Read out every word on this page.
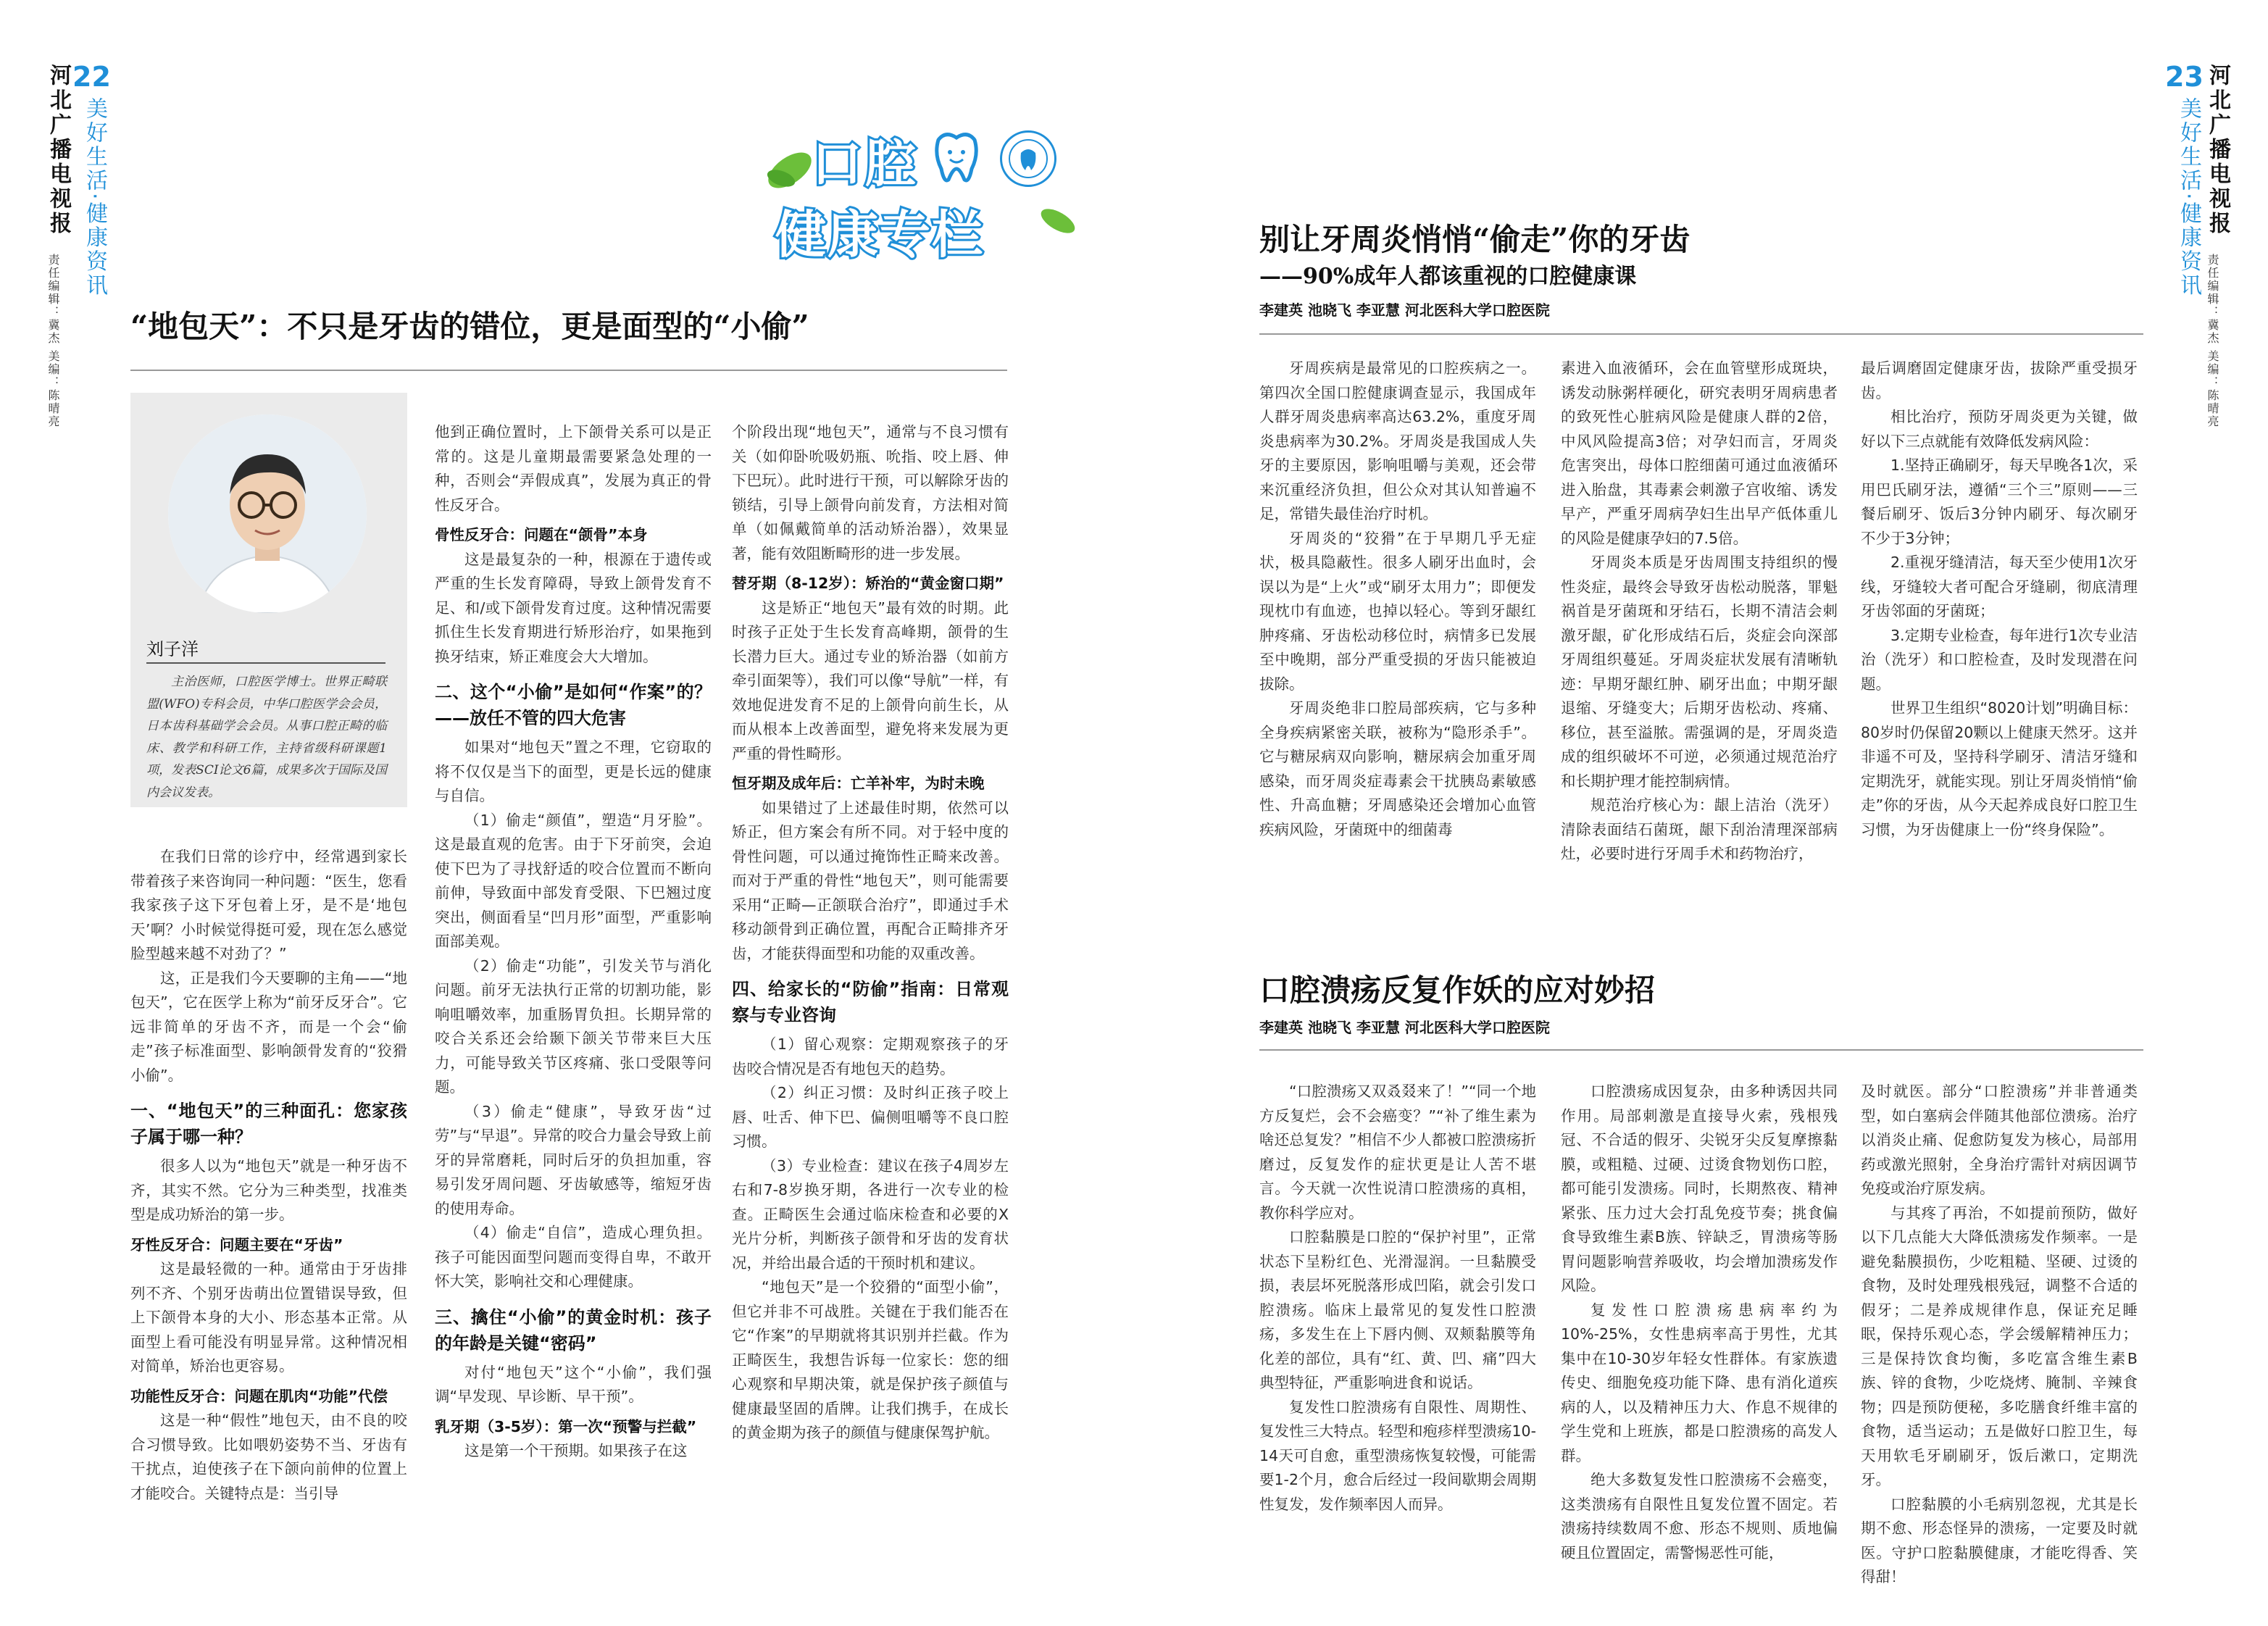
河北广播电视报 22
美好生活·健康资讯
责任编辑：冀杰 美编：陈晴亮
23 河北广播电视报
美好生活·健康资讯
责任编辑：冀杰 美编：陈晴亮
口腔
健康专栏
“地包天”：不只是牙齿的错位，更是面型的“小偷”
刘子洋
主治医师，口腔医学博士。世界正畸联盟(WFO)专科会员，中华口腔医学会会员，日本齿科基础学会会员。从事口腔正畸的临床、教学和科研工作，主持省级科研课题1项，发表SCI论文6篇，成果多次于国际及国内会议发表。

在我们日常的诊疗中，经常遇到家长带着孩子来咨询同一种问题：“医生，您看我家孩子这下牙包着上牙，是不是‘地包天’啊？小时候觉得挺可爱，现在怎么感觉脸型越来越不对劲了？”

这，正是我们今天要聊的主角——“地包天”，它在医学上称为“前牙反牙合”。它远非简单的牙齿不齐，而是一个会“偷走”孩子标准面型、影响颌骨发育的“狡猾小偷”。

一、“地包天”的三种面孔：您家孩子属于哪一种？

很多人以为“地包天”就是一种牙齿不齐，其实不然。它分为三种类型，找准类型是成功矫治的第一步。

牙性反牙合：问题主要在“牙齿”

这是最轻微的一种。通常由于牙齿排列不齐、个别牙齿萌出位置错误导致，但上下颌骨本身的大小、形态基本正常。从面型上看可能没有明显异常。这种情况相对简单，矫治也更容易。

功能性反牙合：问题在肌肉“功能”代偿

这是一种“假性”地包天，由不良的咬合习惯导致。比如喂奶姿势不当、牙齿有干扰点，迫使孩子在下颌向前伸的位置上才能咬合。关键特点是：当引导

他到正确位置时，上下颌骨关系可以是正常的。这是儿童期最需要紧急处理的一种，否则会“弄假成真”，发展为真正的骨性反牙合。

骨性反牙合：问题在“颌骨”本身

这是最复杂的一种，根源在于遗传或严重的生长发育障碍，导致上颌骨发育不足、和/或下颌骨发育过度。这种情况需要抓住生长发育期进行矫形治疗，如果拖到换牙结束，矫正难度会大大增加。

二、这个“小偷”是如何“作案”的？——放任不管的四大危害

如果对“地包天”置之不理，它窃取的将不仅仅是当下的面型，更是长远的健康与自信。

（1）偷走“颜值”，塑造“月牙脸”。这是最直观的危害。由于下牙前突，会迫使下巴为了寻找舒适的咬合位置而不断向前伸，导致面中部发育受限、下巴翘过度突出，侧面看呈“凹月形”面型，严重影响面部美观。

（2）偷走“功能”，引发关节与消化问题。前牙无法执行正常的切割功能，影响咀嚼效率，加重肠胃负担。长期异常的咬合关系还会给颞下颌关节带来巨大压力，可能导致关节区疼痛、张口受限等问题。

（3）偷走“健康”，导致牙齿“过劳”与“早退”。异常的咬合力量会导致上前牙的异常磨耗，同时后牙的负担加重，容易引发牙周问题、牙齿敏感等，缩短牙齿的使用寿命。

（4）偷走“自信”，造成心理负担。孩子可能因面型问题而变得自卑，不敢开怀大笑，影响社交和心理健康。

三、擒住“小偷”的黄金时机：孩子的年龄是关键“密码”

对付“地包天”这个“小偷”，我们强调“早发现、早诊断、早干预”。

乳牙期（3-5岁）：第一次“预警与拦截”

这是第一个干预期。如果孩子在这

个阶段出现“地包天”，通常与不良习惯有关（如仰卧吮吸奶瓶、吮指、咬上唇、伸下巴玩）。此时进行干预，可以解除牙齿的锁结，引导上颌骨向前发育，方法相对简单（如佩戴简单的活动矫治器），效果显著，能有效阻断畸形的进一步发展。

替牙期（8-12岁）：矫治的“黄金窗口期”

这是矫正“地包天”最有效的时期。此时孩子正处于生长发育高峰期，颌骨的生长潜力巨大。通过专业的矫治器（如前方牵引面架等），我们可以像“导航”一样，有效地促进发育不足的上颌骨向前生长，从而从根本上改善面型，避免将来发展为更严重的骨性畸形。

恒牙期及成年后：亡羊补牢，为时未晚

如果错过了上述最佳时期，依然可以矫正，但方案会有所不同。对于轻中度的骨性问题，可以通过掩饰性正畸来改善。而对于严重的骨性“地包天”，则可能需要采用“正畸—正颌联合治疗”，即通过手术移动颌骨到正确位置，再配合正畸排齐牙齿，才能获得面型和功能的双重改善。

四、给家长的“防偷”指南：日常观察与专业咨询

（1）留心观察：定期观察孩子的牙齿咬合情况是否有地包天的趋势。

（2）纠正习惯：及时纠正孩子咬上唇、吐舌、伸下巴、偏侧咀嚼等不良口腔习惯。

（3）专业检查：建议在孩子4周岁左右和7-8岁换牙期，各进行一次专业的检查。正畸医生会通过临床检查和必要的X光片分析，判断孩子颌骨和牙齿的发育状况，并给出最合适的干预时机和建议。

“地包天”是一个狡猾的“面型小偷”，但它并非不可战胜。关键在于我们能否在它“作案”的早期就将其识别并拦截。作为正畸医生，我想告诉每一位家长：您的细心观察和早期决策，就是保护孩子颜值与健康最坚固的盾牌。让我们携手，在成长的黄金期为孩子的颜值与健康保驾护航。

别让牙周炎悄悄“偷走”你的牙齿
——90%成年人都该重视的口腔健康课
李建英 池晓飞 李亚慧 河北医科大学口腔医院

牙周疾病是最常见的口腔疾病之一。第四次全国口腔健康调查显示，我国成年人群牙周炎患病率高达63.2%，重度牙周炎患病率为30.2%。牙周炎是我国成人失牙的主要原因，影响咀嚼与美观，还会带来沉重经济负担，但公众对其认知普遍不足，常错失最佳治疗时机。

牙周炎的“狡猾”在于早期几乎无症状，极具隐蔽性。很多人刷牙出血时，会误以为是“上火”或“刷牙太用力”；即便发现枕巾有血迹，也掉以轻心。等到牙龈红肿疼痛、牙齿松动移位时，病情多已发展至中晚期，部分严重受损的牙齿只能被迫拔除。

牙周炎绝非口腔局部疾病，它与多种全身疾病紧密关联，被称为“隐形杀手”。它与糖尿病双向影响，糖尿病会加重牙周感染，而牙周炎症毒素会干扰胰岛素敏感性、升高血糖；牙周感染还会增加心血管疾病风险，牙菌斑中的细菌毒

素进入血液循环，会在血管壁形成斑块，诱发动脉粥样硬化，研究表明牙周病患者的致死性心脏病风险是健康人群的2倍，中风风险提高3倍；对孕妇而言，牙周炎危害突出，母体口腔细菌可通过血液循环进入胎盘，其毒素会刺激子宫收缩、诱发早产，严重牙周病孕妇生出早产低体重儿的风险是健康孕妇的7.5倍。

牙周炎本质是牙齿周围支持组织的慢性炎症，最终会导致牙齿松动脱落，罪魁祸首是牙菌斑和牙结石，长期不清洁会刺激牙龈，矿化形成结石后，炎症会向深部牙周组织蔓延。牙周炎症状发展有清晰轨迹：早期牙龈红肿、刷牙出血；中期牙龈退缩、牙缝变大；后期牙齿松动、疼痛、移位，甚至溢脓。需强调的是，牙周炎造成的组织破坏不可逆，必须通过规范治疗和长期护理才能控制病情。

规范治疗核心为：龈上洁治（洗牙）清除表面结石菌斑，龈下刮治清理深部病灶，必要时进行牙周手术和药物治疗，

最后调磨固定健康牙齿，拔除严重受损牙齿。

相比治疗，预防牙周炎更为关键，做好以下三点就能有效降低发病风险：

1.坚持正确刷牙，每天早晚各1次，采用巴氏刷牙法，遵循“三个三”原则——三餐后刷牙、饭后3分钟内刷牙、每次刷牙不少于3分钟；

2.重视牙缝清洁，每天至少使用1次牙线，牙缝较大者可配合牙缝刷，彻底清理牙齿邻面的牙菌斑；

3.定期专业检查，每年进行1次专业洁治（洗牙）和口腔检查，及时发现潜在问题。

世界卫生组织“8020计划”明确目标：80岁时仍保留20颗以上健康天然牙。这并非遥不可及，坚持科学刷牙、清洁牙缝和定期洗牙，就能实现。别让牙周炎悄悄“偷走”你的牙齿，从今天起养成良好口腔卫生习惯，为牙齿健康上一份“终身保险”。

口腔溃疡反复作妖的应对妙招
李建英 池晓飞 李亚慧 河北医科大学口腔医院

“口腔溃疡又双叒叕来了！”“同一个地方反复烂，会不会癌变？”“补了维生素为啥还总复发？”相信不少人都被口腔溃疡折磨过，反复发作的症状更是让人苦不堪言。今天就一次性说清口腔溃疡的真相，教你科学应对。

口腔黏膜是口腔的“保护衬里”，正常状态下呈粉红色、光滑湿润。一旦黏膜受损，表层坏死脱落形成凹陷，就会引发口腔溃疡。临床上最常见的复发性口腔溃疡，多发生在上下唇内侧、双颊黏膜等角化差的部位，具有“红、黄、凹、痛”四大典型特征，严重影响进食和说话。

复发性口腔溃疡有自限性、周期性、复发性三大特点。轻型和疱疹样型溃疡10-14天可自愈，重型溃疡恢复较慢，可能需要1-2个月，愈合后经过一段间歇期会周期性复发，发作频率因人而异。

口腔溃疡成因复杂，由多种诱因共同作用。局部刺激是直接导火索，残根残冠、不合适的假牙、尖锐牙尖反复摩擦黏膜，或粗糙、过硬、过烫食物划伤口腔，都可能引发溃疡。同时，长期熬夜、精神紧张、压力过大会打乱免疫节奏；挑食偏食导致维生素B族、锌缺乏，胃溃疡等肠胃问题影响营养吸收，均会增加溃疡发作风险。

复发性口腔溃疡患病率约为10%-25%，女性患病率高于男性，尤其集中在10-30岁年轻女性群体。有家族遗传史、细胞免疫功能下降、患有消化道疾病的人，以及精神压力大、作息不规律的学生党和上班族，都是口腔溃疡的高发人群。

绝大多数复发性口腔溃疡不会癌变，这类溃疡有自限性且复发位置不固定。若溃疡持续数周不愈、形态不规则、质地偏硬且位置固定，需警惕恶性可能，

及时就医。部分“口腔溃疡”并非普通类型，如白塞病会伴随其他部位溃疡。治疗以消炎止痛、促愈防复发为核心，局部用药或激光照射，全身治疗需针对病因调节免疫或治疗原发病。

与其疼了再治，不如提前预防，做好以下几点能大大降低溃疡发作频率。一是避免黏膜损伤，少吃粗糙、坚硬、过烫的食物，及时处理残根残冠，调整不合适的假牙；二是养成规律作息，保证充足睡眠，保持乐观心态，学会缓解精神压力；三是保持饮食均衡，多吃富含维生素B族、锌的食物，少吃烧烤、腌制、辛辣食物；四是预防便秘，多吃膳食纤维丰富的食物，适当运动；五是做好口腔卫生，每天用软毛牙刷刷牙，饭后漱口，定期洗牙。

口腔黏膜的小毛病别忽视，尤其是长期不愈、形态怪异的溃疡，一定要及时就医。守护口腔黏膜健康，才能吃得香、笑得甜！
